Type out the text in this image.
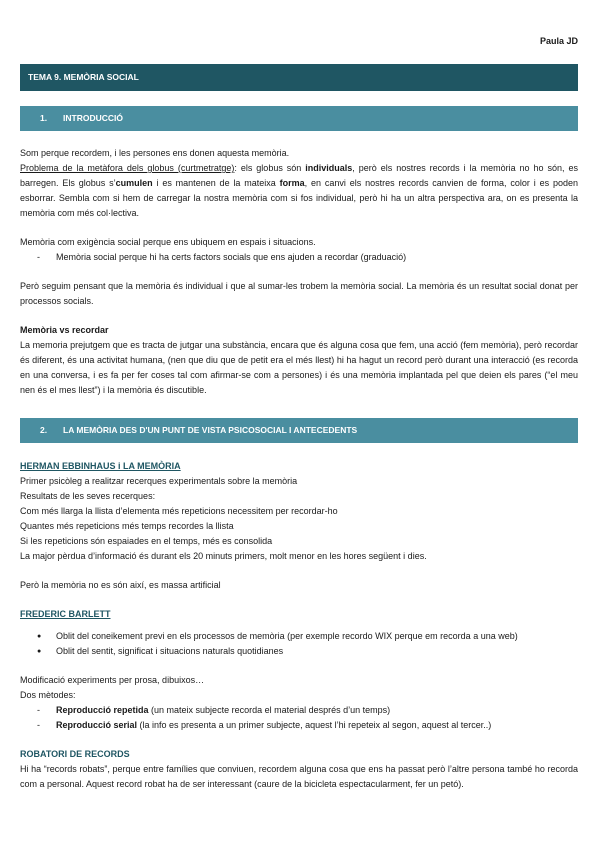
Paula JD
TEMA 9. MEMÒRIA SOCIAL
1. INTRODUCCIÓ

Som perque recordem, i les persones ens donen aquesta memòria.

Problema de la metàfora dels globus (curtmetratge): els globus són individuals, però els nostres records i la memòria no ho són, es barregen. Els globus s’cumulen i es mantenen de la mateixa forma, en canvi els nostres records canvien de forma, color i es poden esborrar. Sembla com si hem de carregar la nostra memòria com si fos individual, però hi ha un altra perspectiva ara, on es presenta la memòria com més col·lectiva.

Memòria com exigència social perque ens ubiquem en espais i situacions.

- Memòria social perque hi ha certs factors socials que ens ajuden a recordar (graduació)

Però seguim pensant que la memòria és individual i que al sumar-les trobem la memòria social. La memòria és un resultat social donat per processos socials.

Memòria vs recordar

La memoria prejutgem que es tracta de jutgar una substància, encara que és alguna cosa que fem, una acció (fem memòria), però recordar és diferent, és una activitat humana, (nen que diu que de petit era el més llest) hi ha hagut un record però durant una interacció (es recorda en una conversa, i es fa per fer coses tal com afirmar-se com a persones) i és una memòria implantada pel que deien els pares (“el meu nen és el mes llest”) i la memòria és discutible.

2. LA MEMÒRIA DES D'UN PUNT DE VISTA PSICOSOCIAL I ANTECEDENTS

HERMAN EBBINHAUS i LA MEMÒRIA

Primer psicòleg a realitzar recerques experimentals sobre la memòria

Resultats de les seves recerques:

Com més llarga la llista d’elementa més repeticions necessitem per recordar-ho

Quantes més repeticions més temps recordes la llista

Si les repeticions són espaiades en el temps, més es consolida

La major pèrdua d’informació és durant els 20 minuts primers, molt menor en les hores següent i dies.

Però la memòria no es són així, es massa artificial

FREDERIC BARLETT

● Oblit del coneikement previ en els processos de memòria (per exemple recordo WIX perque em recorda a una web)

● Oblit del sentit, significat i situacions naturals quotidianes

Modificació experiments per prosa, dibuixos…

Dos mètodes:

- Reproducció repetida (un mateix subjecte recorda el material després d’un temps)

- Reproducció serial (la info es presenta a un primer subjecte, aquest l’hi repeteix al segon, aquest al tercer..)

ROBATORI DE RECORDS

Hi ha “records robats”, perque entre famílies que conviuen, recordem alguna cosa que ens ha passat però l’altre persona també ho recorda com a personal. Aquest record robat ha de ser interessant (caure de la bicicleta espectacularment, fer un petó).
